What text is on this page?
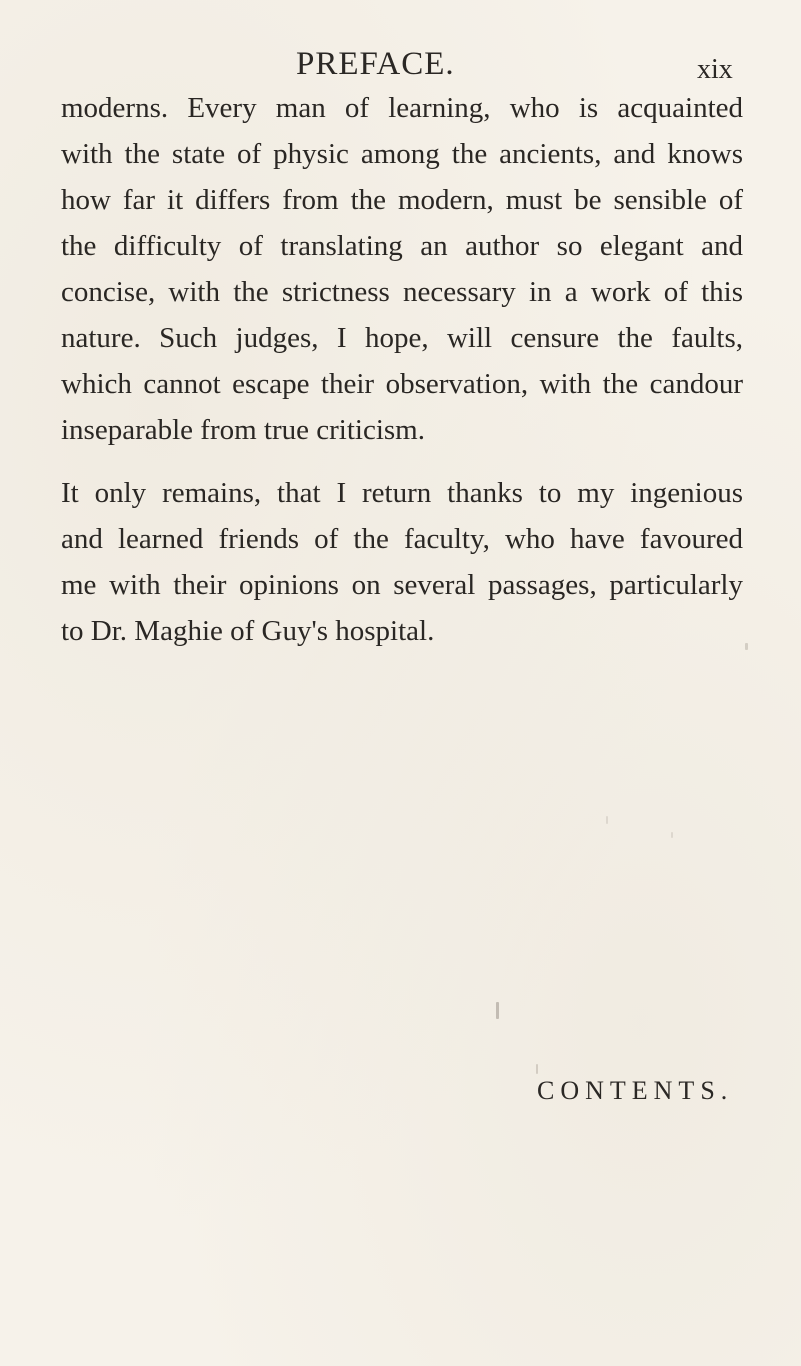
PREFACE.	xix
moderns. Every man of learning, who is acquainted
with the state of physic among the ancients, and knows
how far it differs from the modern, must be sensible of
the difficulty of translating an author so elegant and
concise, with the strictness necessary in a work of this
nature. Such judges, I hope, will censure the faults,
which cannot escape their observation, with the candour
inseparable from true criticism.
It only remains, that I return thanks to my ingenious
and learned friends of the faculty, who have favoured
me with their opinions on several passages, particularly
to Dr. Maghie of Guy's hospital.
CONTENTS.
